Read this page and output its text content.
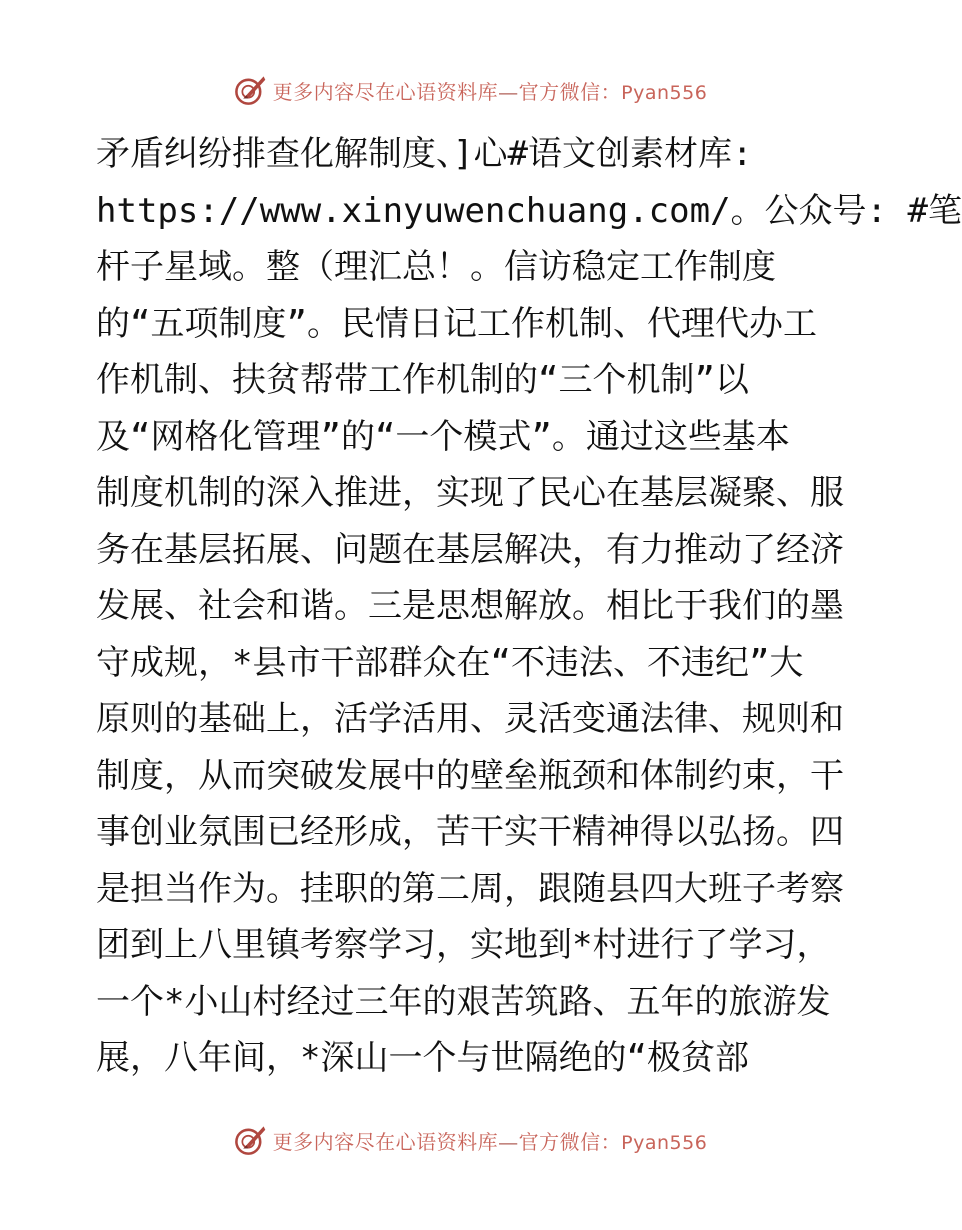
更多内容尽在心语资料库—官方微信：Pyan556
矛盾纠纷排查化解制度、]心#语文创素材库:
https://www.xinyuwenchuang.com/。公众号: #笔
杆子星域。整（理汇总！。信访稳定工作制度
的“五项制度”。民情日记工作机制、代理代办工
作机制、扶贫帮带工作机制的“三个机制”以
及“网格化管理”的“一个模式”。通过这些基本
制度机制的深入推进，实现了民心在基层凝聚、服
务在基层拓展、问题在基层解决，有力推动了经济
发展、社会和谐。三是思想解放。相比于我们的墨
守成规，*县市干部群众在“不违法、不违纪”大
原则的基础上，活学活用、灵活变通法律、规则和
制度，从而突破发展中的壁垒瓶颈和体制约束，干
事创业氛围已经形成，苦干实干精神得以弘扬。四
是担当作为。挂职的第二周，跟随县四大班子考察
团到上八里镇考察学习，实地到*村进行了学习，
一个*小山村经过三年的艰苦筑路、五年的旅游发
展，八年间，*深山一个与世隔绝的“极贫部
更多内容尽在心语资料库—官方微信：Pyan556
